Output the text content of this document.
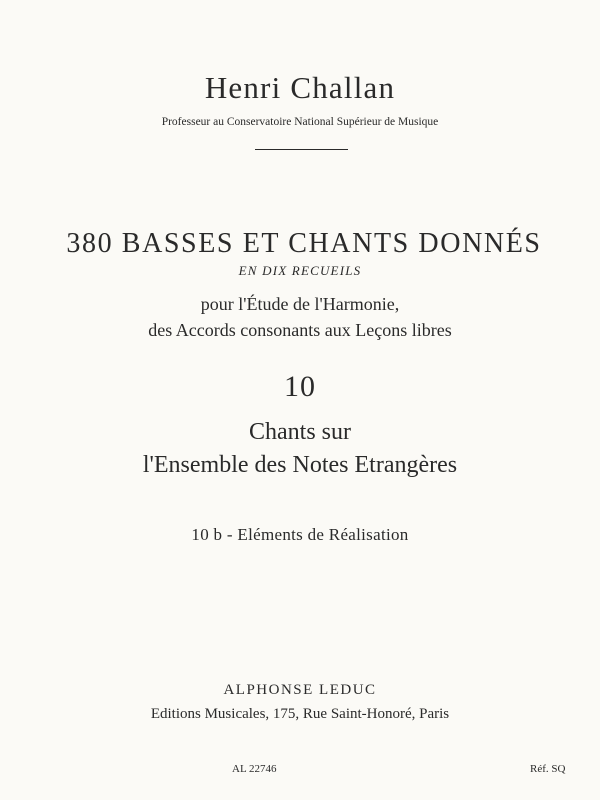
Henri Challan
Professeur au Conservatoire National Supérieur de Musique
380 BASSES ET CHANTS DONNÉS
EN DIX RECUEILS
pour l'Étude de l'Harmonie,
des Accords consonants aux Leçons libres
10
Chants sur
l'Ensemble des Notes Etrangères
10 b - Eléments de Réalisation
ALPHONSE LEDUC
Editions Musicales, 175, Rue Saint-Honoré, Paris
AL 22746	Réf. SQ
